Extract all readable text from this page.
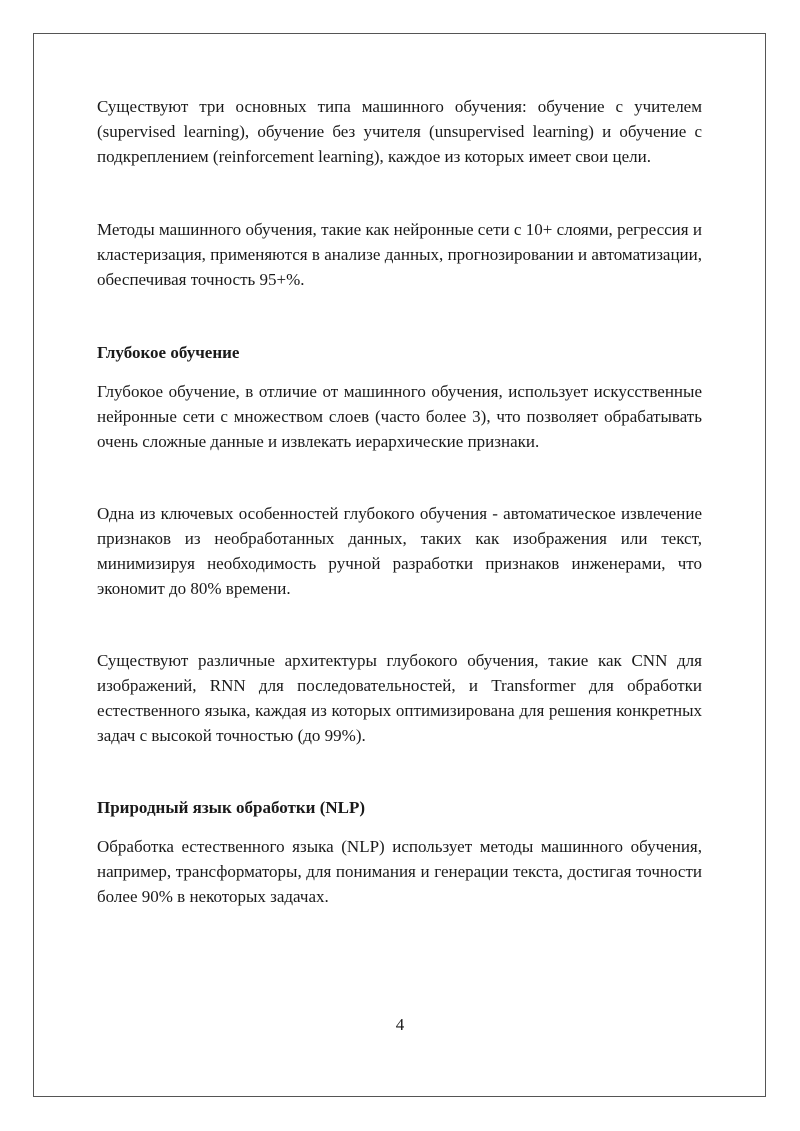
Существуют три основных типа машинного обучения: обучение с учителем (supervised learning), обучение без учителя (unsupervised learning) и обучение с подкреплением (reinforcement learning), каждое из которых имеет свои цели.

Методы машинного обучения, такие как нейронные сети с 10+ слоями, регрессия и кластеризация, применяются в анализе данных, прогнозировании и автоматизации, обеспечивая точность 95+%.

Глубокое обучение

Глубокое обучение, в отличие от машинного обучения, использует искусственные нейронные сети с множеством слоев (часто более 3), что позволяет обрабатывать очень сложные данные и извлекать иерархические признаки.

Одна из ключевых особенностей глубокого обучения - автоматическое извлечение признаков из необработанных данных, таких как изображения или текст, минимизируя необходимость ручной разработки признаков инженерами, что экономит до 80% времени.

Существуют различные архитектуры глубокого обучения, такие как CNN для изображений, RNN для последовательностей, и Transformer для обработки естественного языка, каждая из которых оптимизирована для решения конкретных задач с высокой точностью (до 99%).

Природный язык обработки (NLP)

Обработка естественного языка (NLP) использует методы машинного обучения, например, трансформаторы, для понимания и генерации текста, достигая точности более 90% в некоторых задачах.

4
